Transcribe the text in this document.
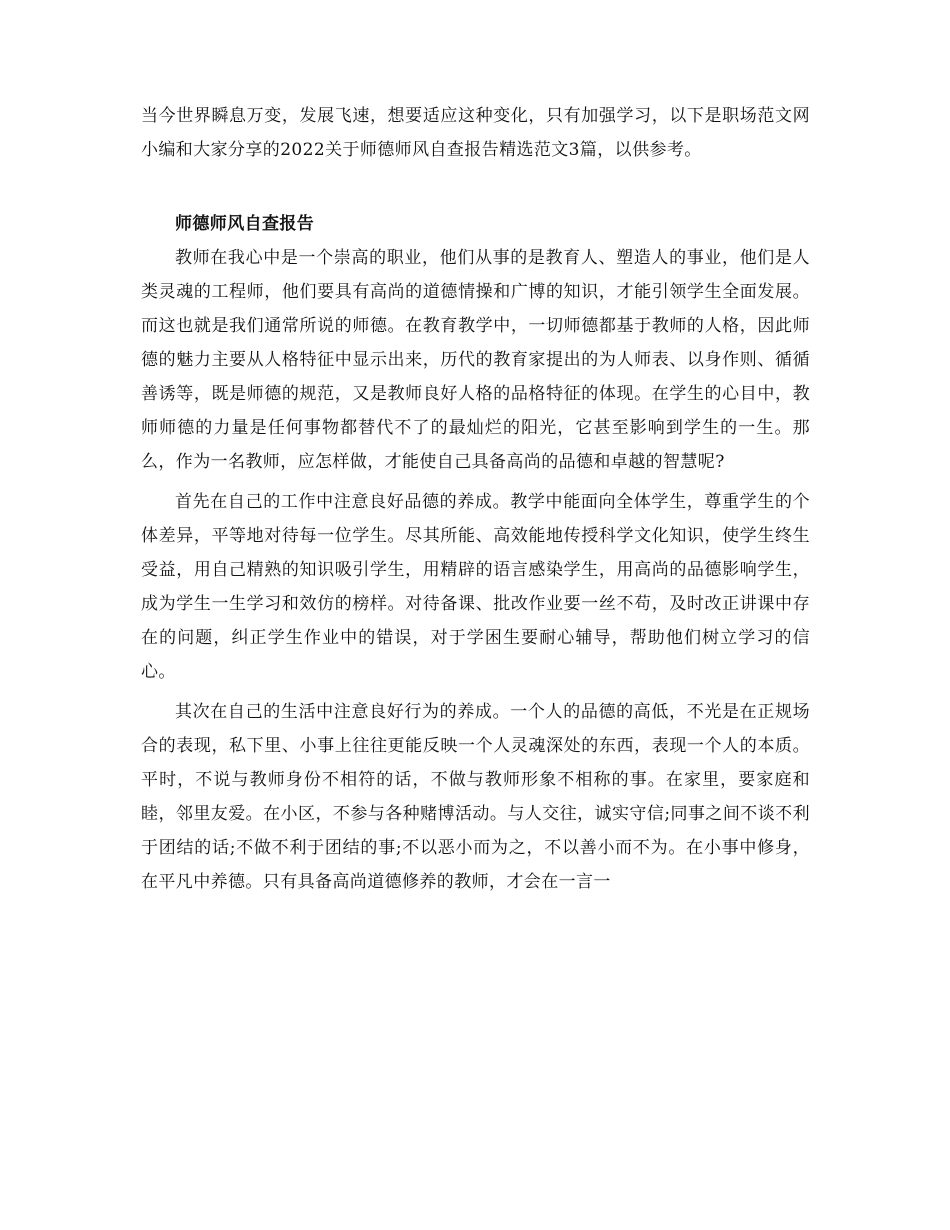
当今世界瞬息万变，发展飞速，想要适应这种变化，只有加强学习，以下是职场范文网小编和大家分享的2022关于师德师风自查报告精选范文3篇，以供参考。

师德师风自查报告

教师在我心中是一个崇高的职业，他们从事的是教育人、塑造人的事业，他们是人类灵魂的工程师，他们要具有高尚的道德情操和广博的知识，才能引领学生全面发展。而这也就是我们通常所说的师德。在教育教学中，一切师德都基于教师的人格，因此师德的魅力主要从人格特征中显示出来，历代的教育家提出的为人师表、以身作则、循循善诱等，既是师德的规范，又是教师良好人格的品格特征的体现。在学生的心目中，教师师德的力量是任何事物都替代不了的最灿烂的阳光，它甚至影响到学生的一生。那么，作为一名教师，应怎样做，才能使自己具备高尚的品德和卓越的智慧呢?

首先在自己的工作中注意良好品德的养成。教学中能面向全体学生，尊重学生的个体差异，平等地对待每一位学生。尽其所能、高效能地传授科学文化知识，使学生终生受益，用自己精熟的知识吸引学生，用精辟的语言感染学生，用高尚的品德影响学生，成为学生一生学习和效仿的榜样。对待备课、批改作业要一丝不苟，及时改正讲课中存在的问题，纠正学生作业中的错误，对于学困生要耐心辅导，帮助他们树立学习的信心。

其次在自己的生活中注意良好行为的养成。一个人的品德的高低，不光是在正规场合的表现，私下里、小事上往往更能反映一个人灵魂深处的东西，表现一个人的本质。平时，不说与教师身份不相符的话，不做与教师形象不相称的事。在家里，要家庭和睦，邻里友爱。在小区，不参与各种赌博活动。与人交往，诚实守信;同事之间不谈不利于团结的话;不做不利于团结的事;不以恶小而为之，不以善小而不为。在小事中修身，在平凡中养德。只有具备高尚道德修养的教师，才会在一言一
